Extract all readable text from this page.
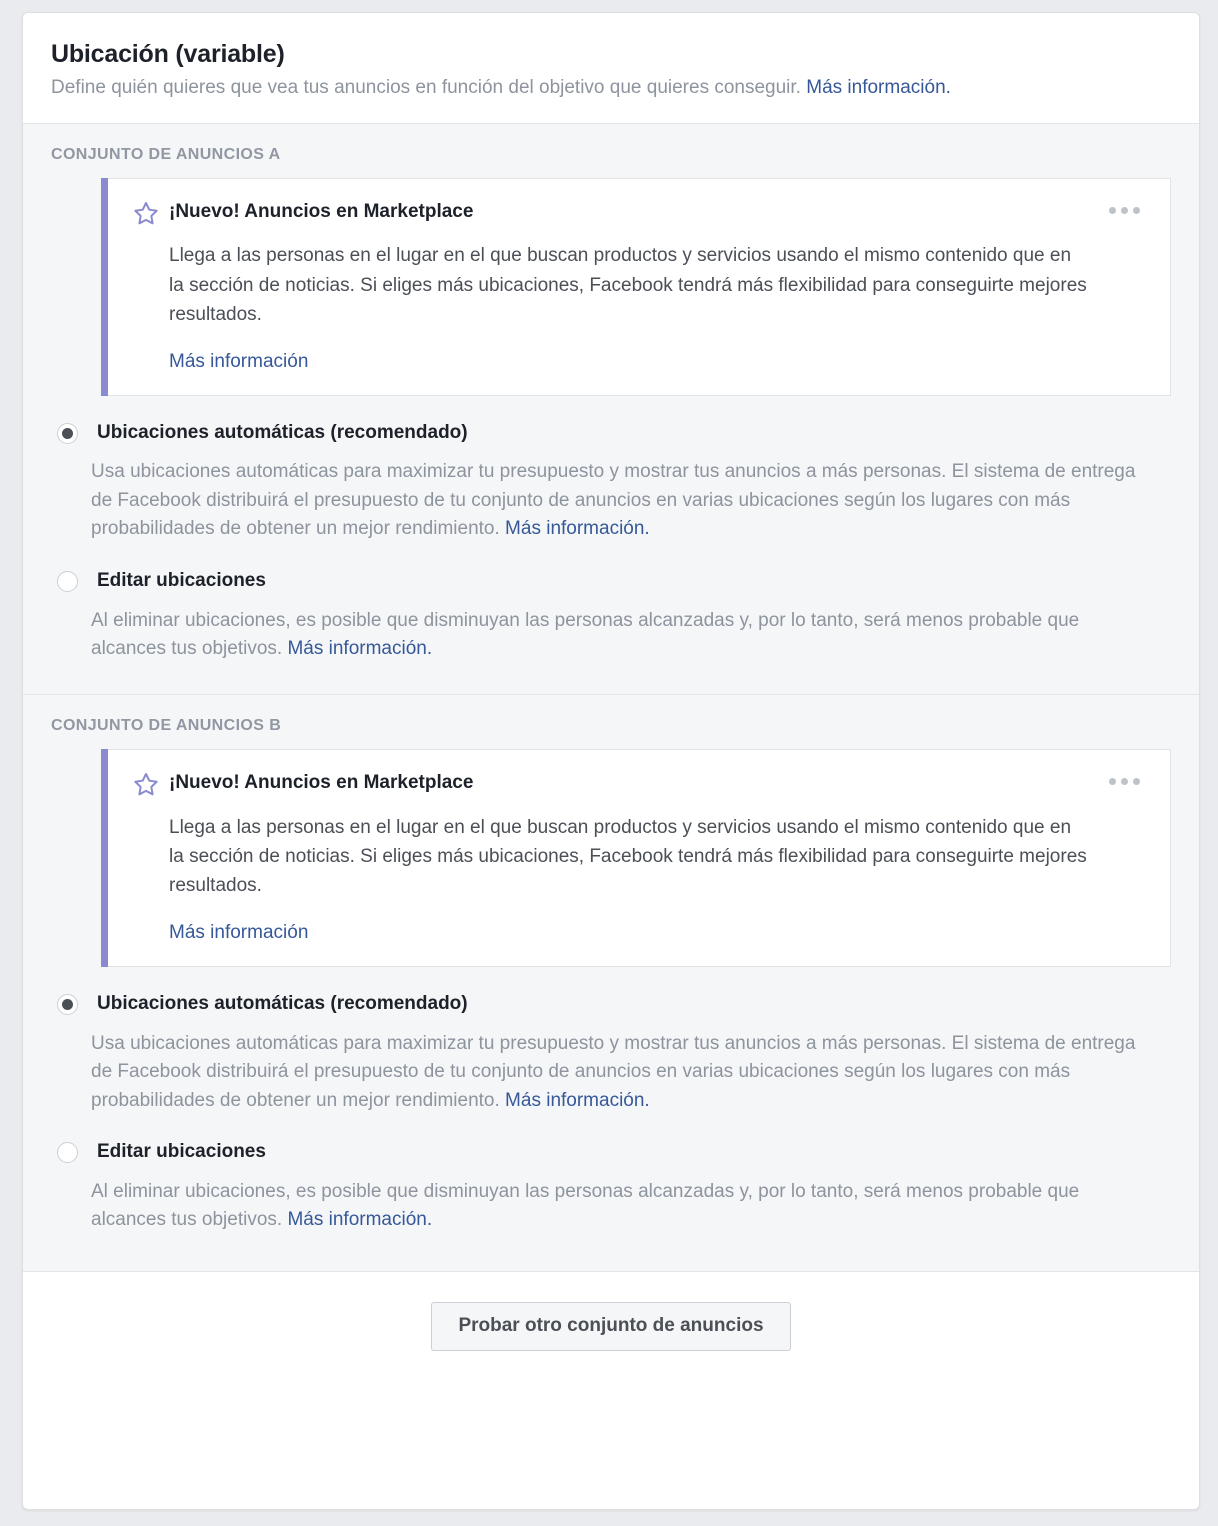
Ubicación (variable)

Define quién quieres que vea tus anuncios en función del objetivo que quieres conseguir. Más información.

CONJUNTO DE ANUNCIOS A
¡Nuevo! Anuncios en Marketplace

Llega a las personas en el lugar en el que buscan productos y servicios usando el mismo contenido que en la sección de noticias. Si eliges más ubicaciones, Facebook tendrá más flexibilidad para conseguirte mejores resultados.

Más información
Ubicaciones automáticas (recomendado)

Usa ubicaciones automáticas para maximizar tu presupuesto y mostrar tus anuncios a más personas. El sistema de entrega de Facebook distribuirá el presupuesto de tu conjunto de anuncios en varias ubicaciones según los lugares con más probabilidades de obtener un mejor rendimiento. Más información.

Editar ubicaciones

Al eliminar ubicaciones, es posible que disminuyan las personas alcanzadas y, por lo tanto, será menos probable que alcances tus objetivos. Más información.

CONJUNTO DE ANUNCIOS B
¡Nuevo! Anuncios en Marketplace

Llega a las personas en el lugar en el que buscan productos y servicios usando el mismo contenido que en la sección de noticias. Si eliges más ubicaciones, Facebook tendrá más flexibilidad para conseguirte mejores resultados.

Más información
Ubicaciones automáticas (recomendado)

Usa ubicaciones automáticas para maximizar tu presupuesto y mostrar tus anuncios a más personas. El sistema de entrega de Facebook distribuirá el presupuesto de tu conjunto de anuncios en varias ubicaciones según los lugares con más probabilidades de obtener un mejor rendimiento. Más información.

Editar ubicaciones

Al eliminar ubicaciones, es posible que disminuyan las personas alcanzadas y, por lo tanto, será menos probable que alcances tus objetivos. Más información.

Probar otro conjunto de anuncios
